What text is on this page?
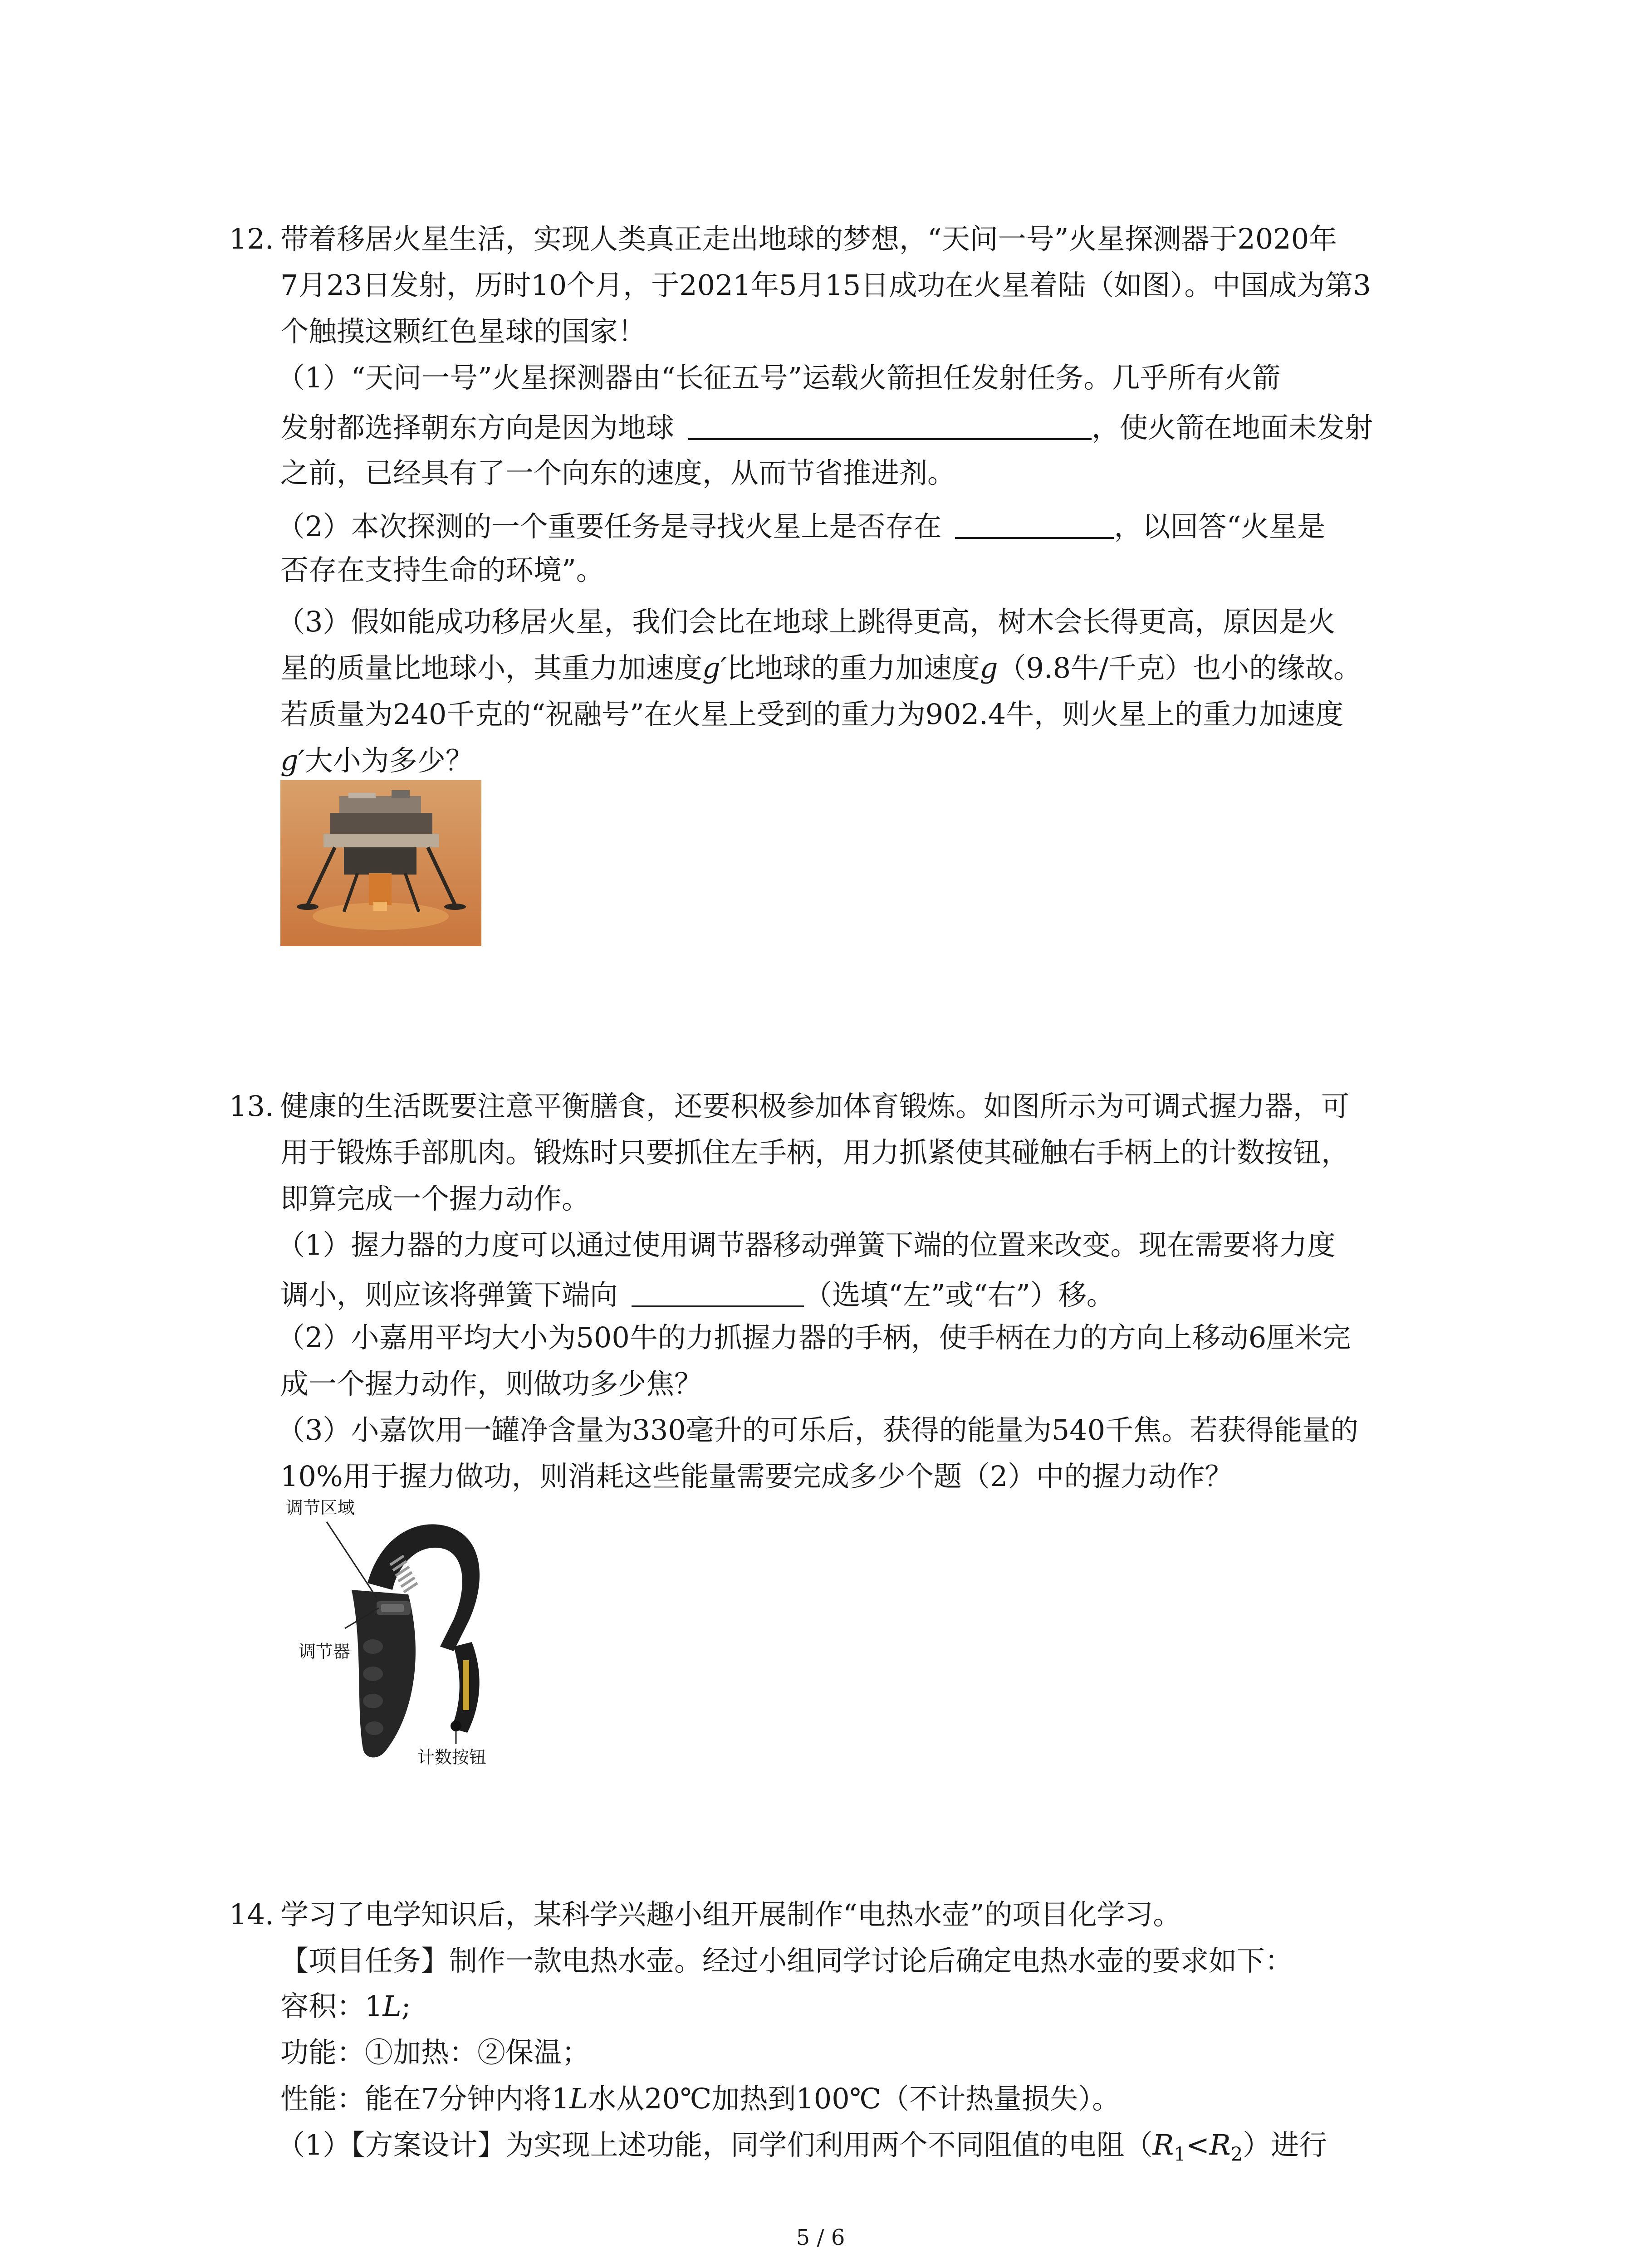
12. 带着移居火星生活，实现人类真正走出地球的梦想，“天问一号”火星探测器于2020年
7月23日发射，历时10个月，于2021年5月15日成功在火星着陆（如图）。中国成为第3
个触摸这颗红色星球的国家！
（1）“天问一号”火星探测器由“长征五号”运载火箭担任发射任务。几乎所有火箭
发射都选择朝东方向是因为地球	，使火箭在地面未发射
之前，已经具有了一个向东的速度，从而节省推进剂。
（2）本次探测的一个重要任务是寻找火星上是否存在	，以回答“火星是
否存在支持生命的环境”。
（3）假如能成功移居火星，我们会比在地球上跳得更高，树木会长得更高，原因是火
星的质量比地球小，其重力加速度g′比地球的重力加速度g（9.8牛/千克）也小的缘故。
若质量为240千克的“祝融号”在火星上受到的重力为902.4牛，则火星上的重力加速度
g′大小为多少？
13. 健康的生活既要注意平衡膳食，还要积极参加体育锻炼。如图所示为可调式握力器，可
用于锻炼手部肌肉。锻炼时只要抓住左手柄，用力抓紧使其碰触右手柄上的计数按钮，
即算完成一个握力动作。
（1）握力器的力度可以通过使用调节器移动弹簧下端的位置来改变。现在需要将力度
调小，则应该将弹簧下端向	（选填“左”或“右”）移。
（2）小嘉用平均大小为500牛的力抓握力器的手柄，使手柄在力的方向上移动6厘米完
成一个握力动作，则做功多少焦？
（3）小嘉饮用一罐净含量为330毫升的可乐后，获得的能量为540千焦。若获得能量的
10%用于握力做功，则消耗这些能量需要完成多少个题（2）中的握力动作？
调节区域
调节器
计数按钮
14. 学习了电学知识后，某科学兴趣小组开展制作“电热水壶”的项目化学习。
【项目任务】制作一款电热水壶。经过小组同学讨论后确定电热水壶的要求如下：
容积：1L;
功能：①加热：②保温；
性能：能在7分钟内将1L水从20℃加热到100℃（不计热量损失）。
（1）【方案设计】为实现上述功能，同学们利用两个不同阻值的电阻$(R_1<R_2)$进行
5 / 6
